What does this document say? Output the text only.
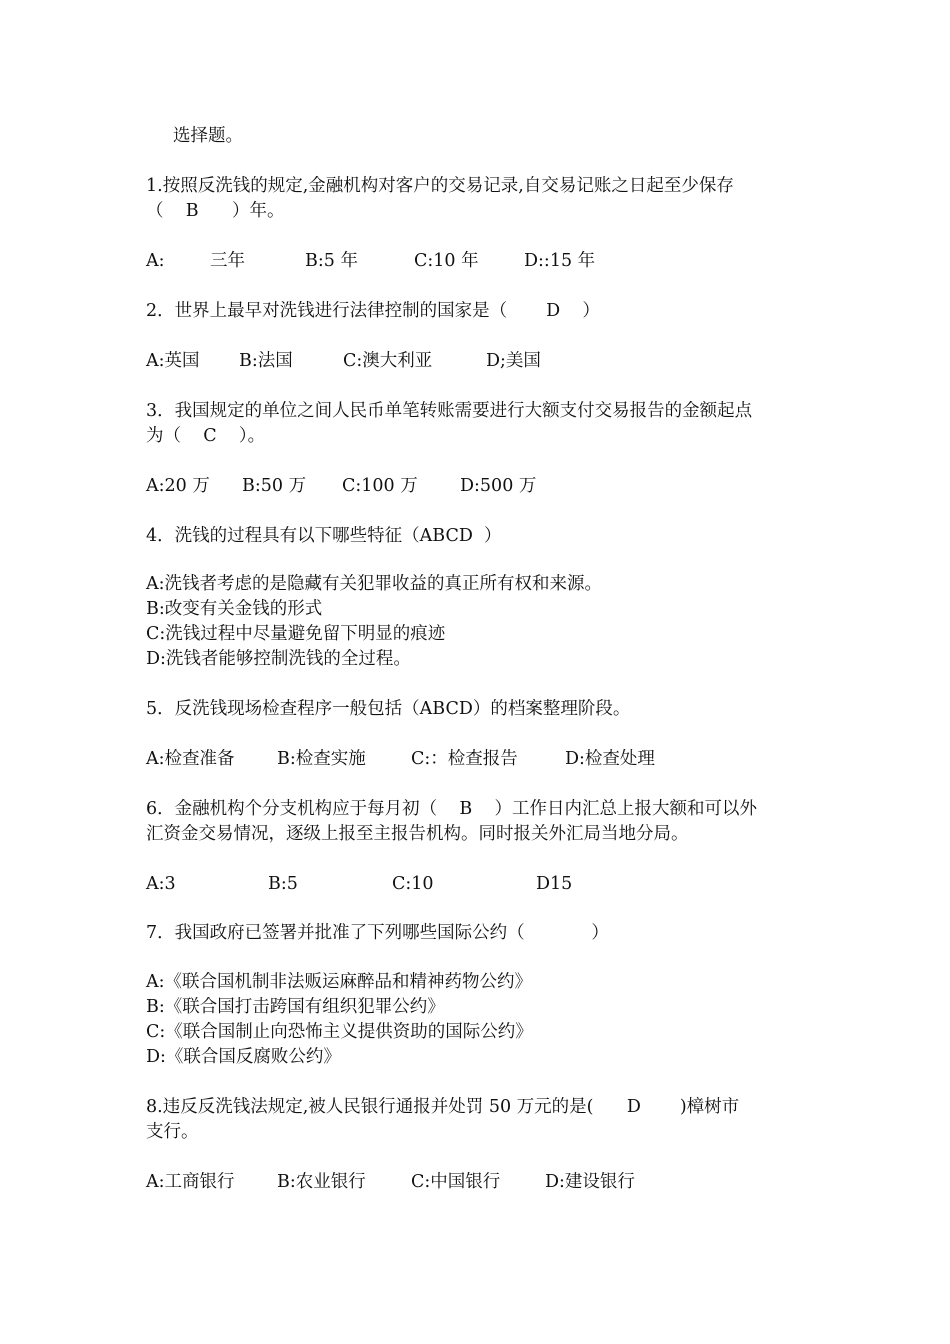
选择题。
1.按照反洗钱的规定,金融机构对客户的交易记录,自交易记账之日起至少保存
（    B      ）年。
A:	三年	B:5 年	C:10 年	D::15 年
2．世界上最早对洗钱进行法律控制的国家是（       D    ）
A:英国 B:法国	C:澳大利亚	D;美国
3．我国规定的单位之间人民币单笔转账需要进行大额支付交易报告的金额起点
为（    C    ）。
A:20 万 B:50 万 C:100 万 D:500 万
4．洗钱的过程具有以下哪些特征（ABCD  ）
A:洗钱者考虑的是隐藏有关犯罪收益的真正所有权和来源。
B:改变有关金钱的形式
C:洗钱过程中尽量避免留下明显的痕迹
D:洗钱者能够控制洗钱的全过程。
5．反洗钱现场检查程序一般包括（ABCD）的档案整理阶段。
A:检查准备 B:检查实施	C:：检查报告	D:检查处理
6．金融机构个分支机构应于每月初（    B    ）工作日内汇总上报大额和可以外
汇资金交易情况，逐级上报至主报告机构。同时报关外汇局当地分局。
A:3	B:5	C:10	D15
7．我国政府已签署并批准了下列哪些国际公约（            ）
A:《联合国机制非法贩运麻醉品和精神药物公约》
B:《联合国打击跨国有组织犯罪公约》
C:《联合国制止向恐怖主义提供资助的国际公约》
D:《联合国反腐败公约》
8.违反反洗钱法规定,被人民银行通报并处罚 50 万元的是(      D       )樟树市
支行。
A:工商银行 B:农业银行	C:中国银行	D:建设银行
